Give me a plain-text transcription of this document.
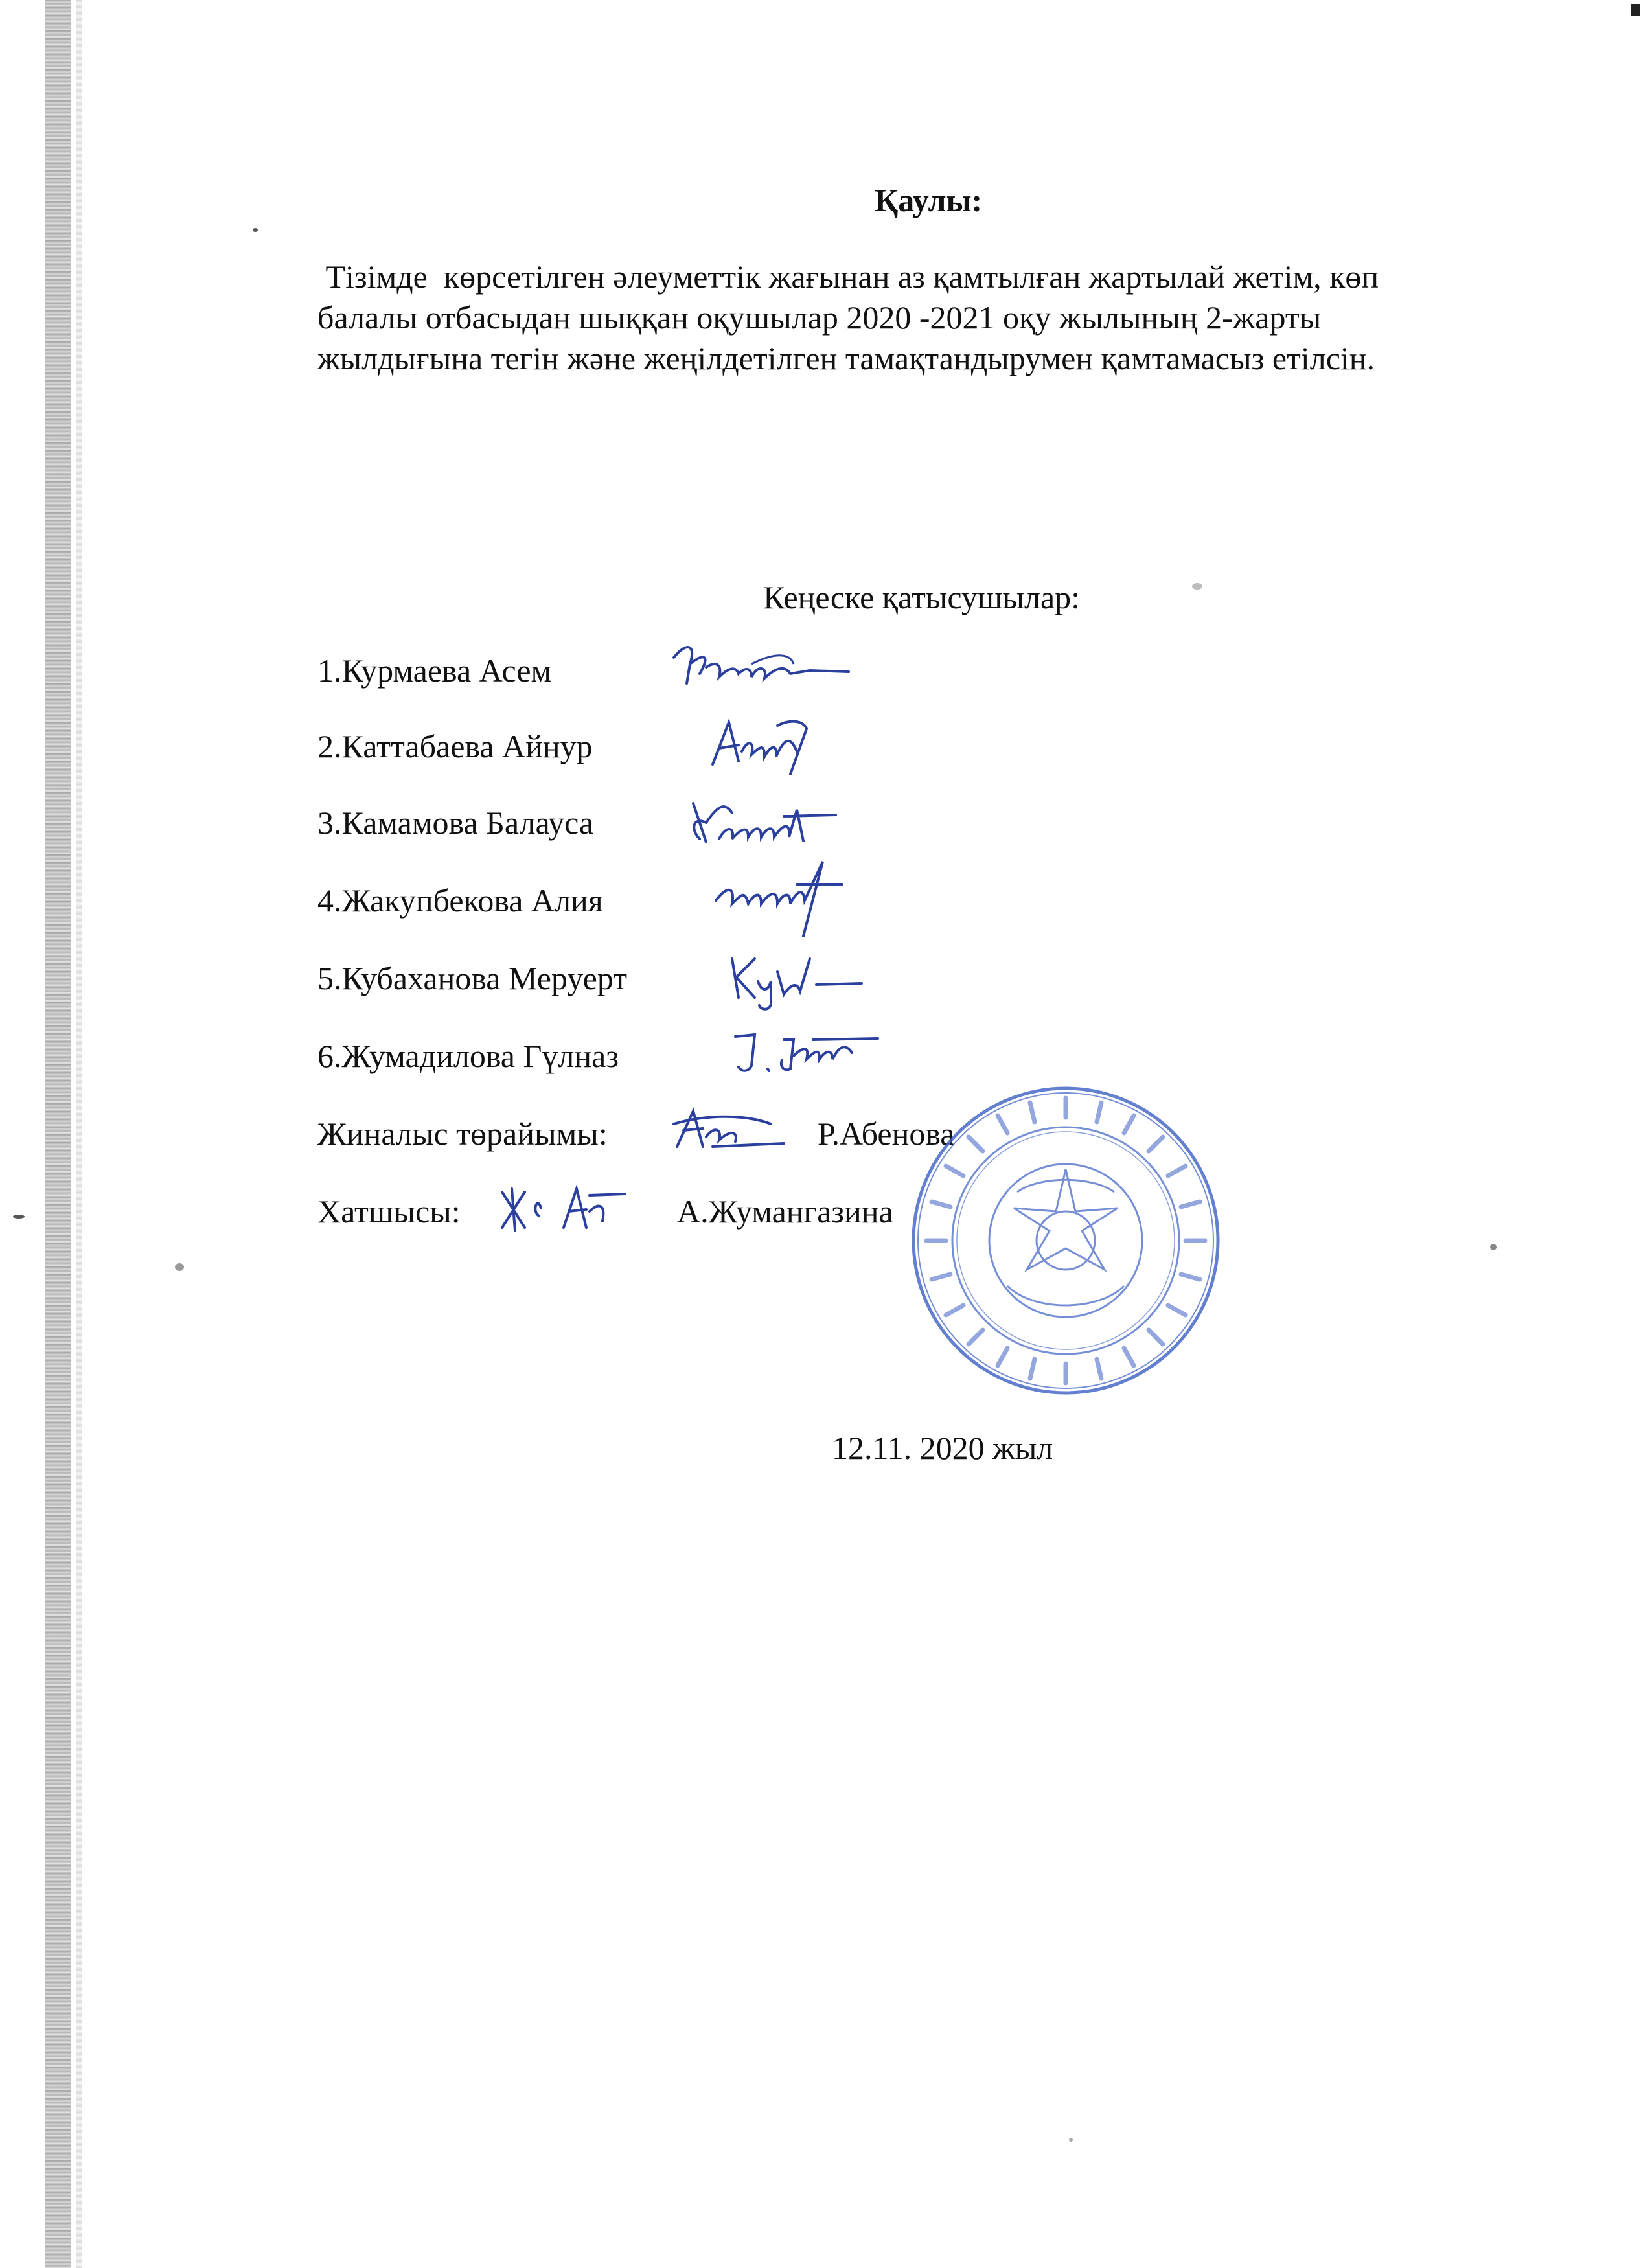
Қаулы:
Тізімде  көрсетілген әлеуметтік жағынан аз қамтылған жартылай жетім, көп
балалы отбасыдан шыққан оқушылар 2020 -2021 оқу жылының 2-жарты
жылдығына тегін және жеңілдетілген тамақтандырумен қамтамасыз етілсін.
Кеңеске қатысушылар:
1.Курмаева Асем
2.Каттабаева Айнур
3.Камамова Балауса
4.Жакупбекова Алия
5.Кубаханова Меруерт
6.Жумадилова Гүлназ
Жиналыс төрайымы:	Р.Абенова
Хатшысы:	А.Жумангазина
12.11. 2020 жыл
